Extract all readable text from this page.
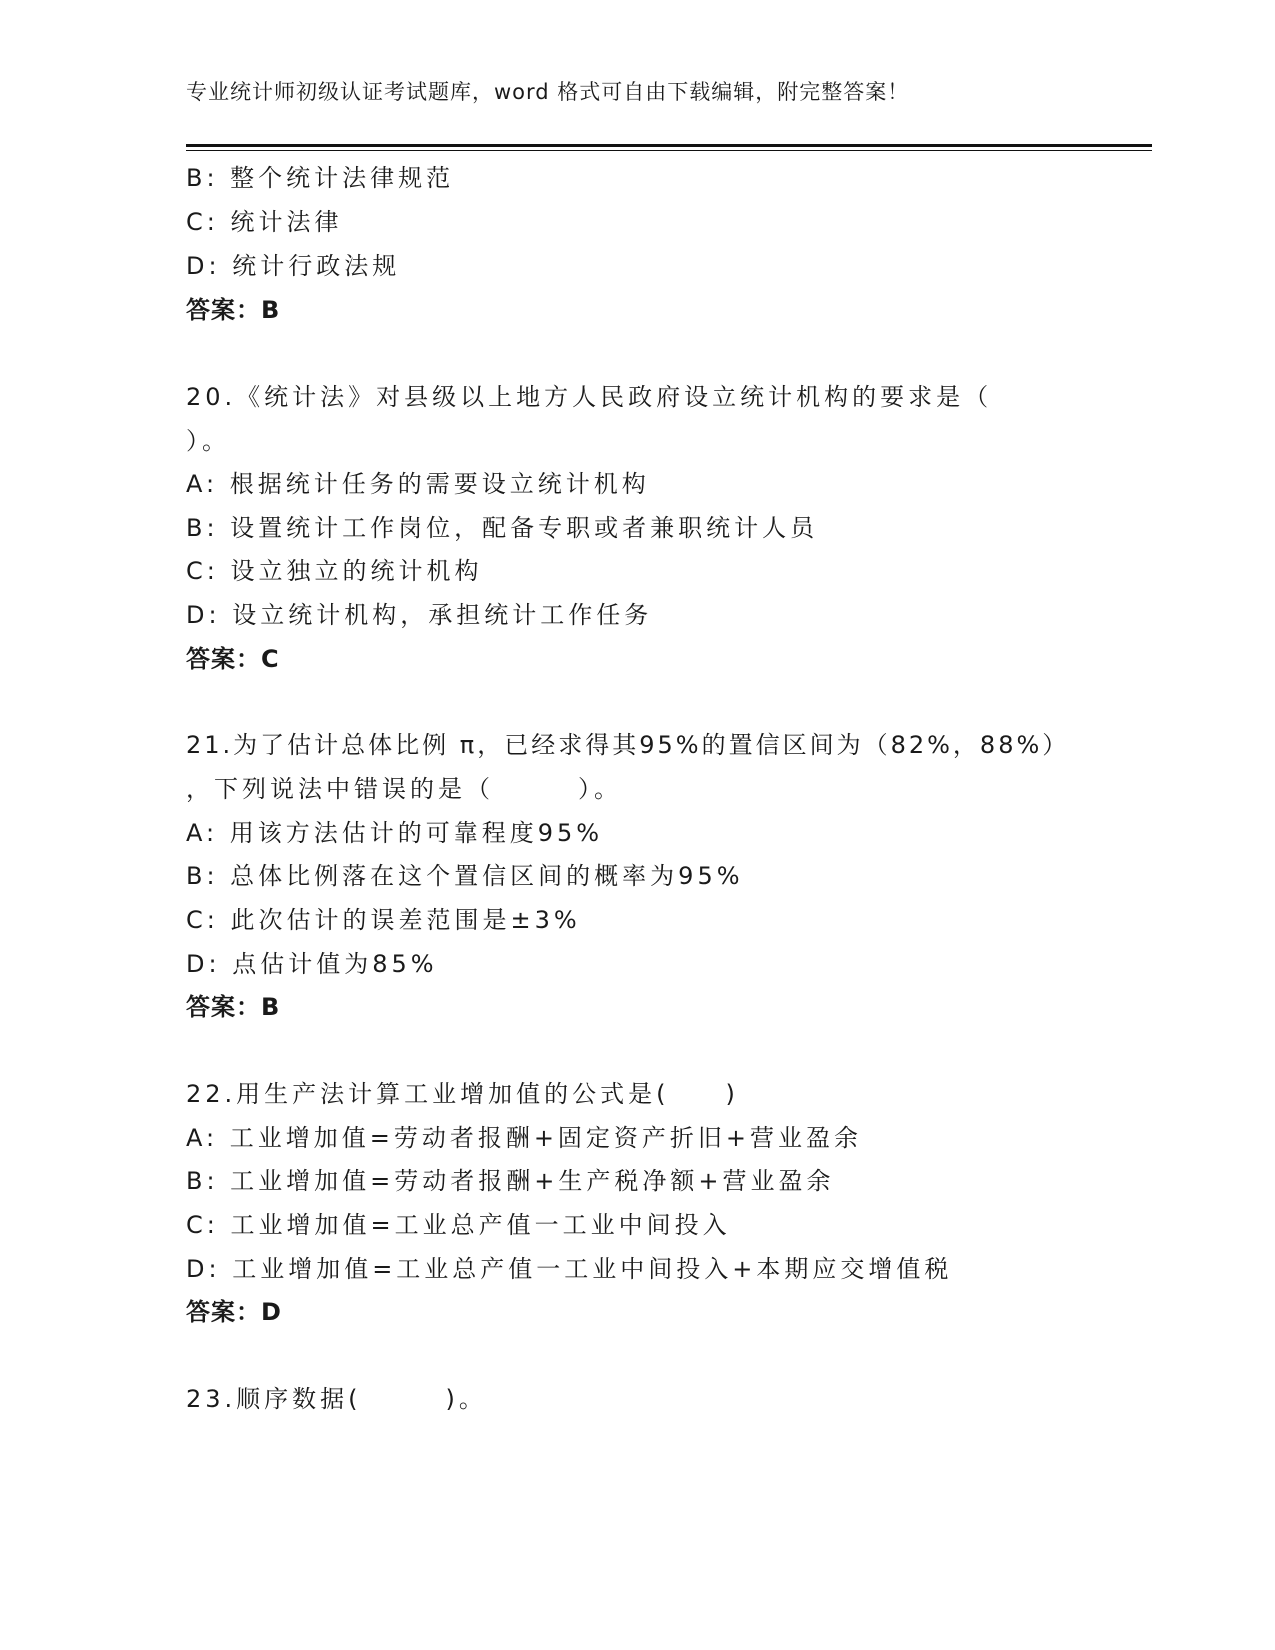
专业统计师初级认证考试题库，word 格式可自由下载编辑，附完整答案！
B: 整个统计法律规范
C: 统计法律
D: 统计行政法规
答案：B
20.《统计法》对县级以上地方人民政府设立统计机构的要求是（
）。
A: 根据统计任务的需要设立统计机构
B: 设置统计工作岗位，配备专职或者兼职统计人员
C: 设立独立的统计机构
D: 设立统计机构，承担统计工作任务
答案：C
21.为了估计总体比例 π，已经求得其95%的置信区间为（82%，88%）
，下列说法中错误的是（　　　）。
A: 用该方法估计的可靠程度95%
B: 总体比例落在这个置信区间的概率为95%
C: 此次估计的误差范围是±3%
D: 点估计值为85%
答案：B
22.用生产法计算工业增加值的公式是(　　)
A: 工业增加值=劳动者报酬+固定资产折旧+营业盈余
B: 工业增加值=劳动者报酬+生产税净额+营业盈余
C: 工业增加值=工业总产值一工业中间投入
D: 工业增加值=工业总产值一工业中间投入+本期应交增值税
答案：D
23.顺序数据(　　　)。
